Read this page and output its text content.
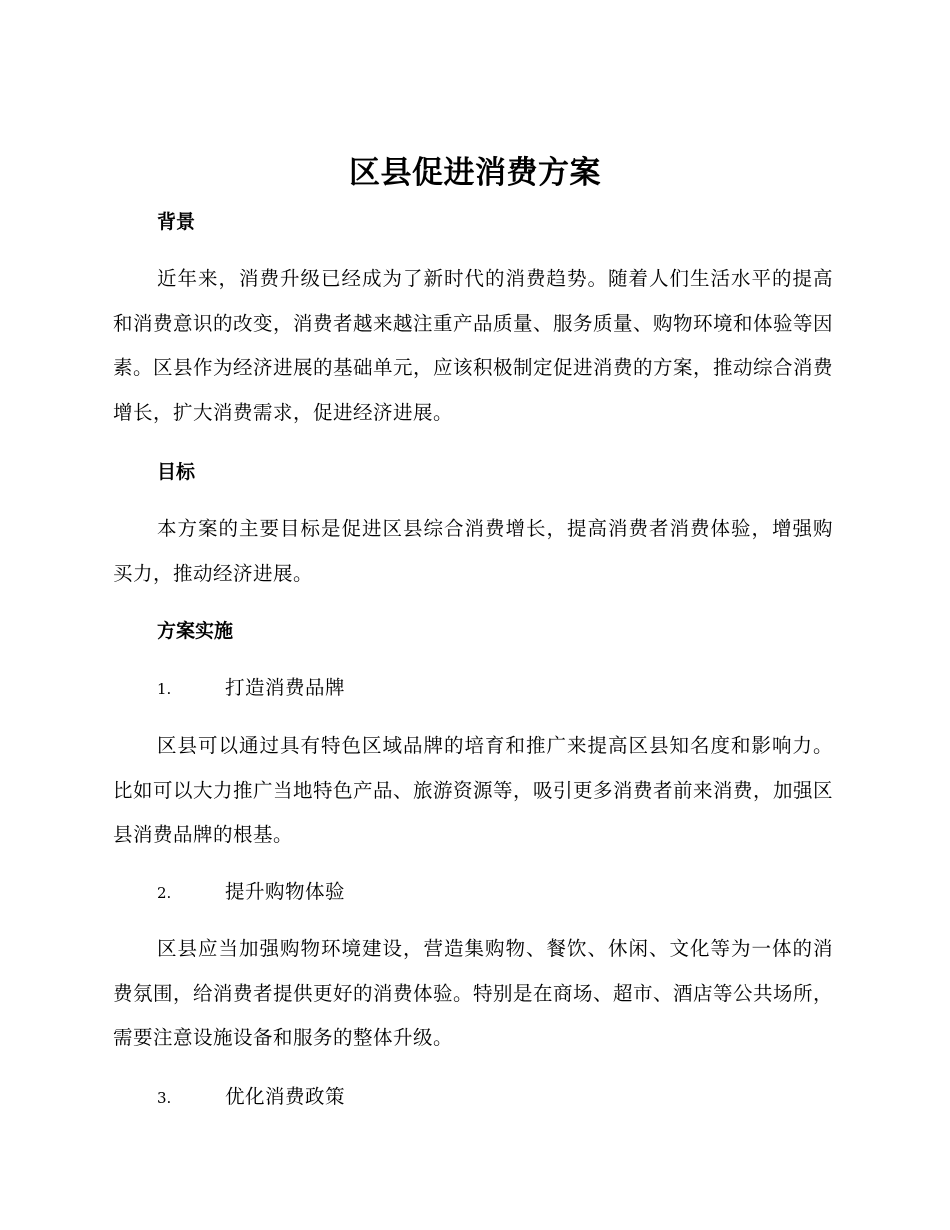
区县促进消费方案
背景
近年来，消费升级已经成为了新时代的消费趋势。随着人们生活水平的提高和消费意识的改变，消费者越来越注重产品质量、服务质量、购物环境和体验等因素。区县作为经济进展的基础单元，应该积极制定促进消费的方案，推动综合消费增长，扩大消费需求，促进经济进展。
目标
本方案的主要目标是促进区县综合消费增长，提高消费者消费体验，增强购买力，推动经济进展。
方案实施
1.	打造消费品牌
区县可以通过具有特色区域品牌的培育和推广来提高区县知名度和影响力。比如可以大力推广当地特色产品、旅游资源等，吸引更多消费者前来消费，加强区县消费品牌的根基。
2.	提升购物体验
区县应当加强购物环境建设，营造集购物、餐饮、休闲、文化等为一体的消费氛围，给消费者提供更好的消费体验。特别是在商场、超市、酒店等公共场所，需要注意设施设备和服务的整体升级。
3.	优化消费政策
